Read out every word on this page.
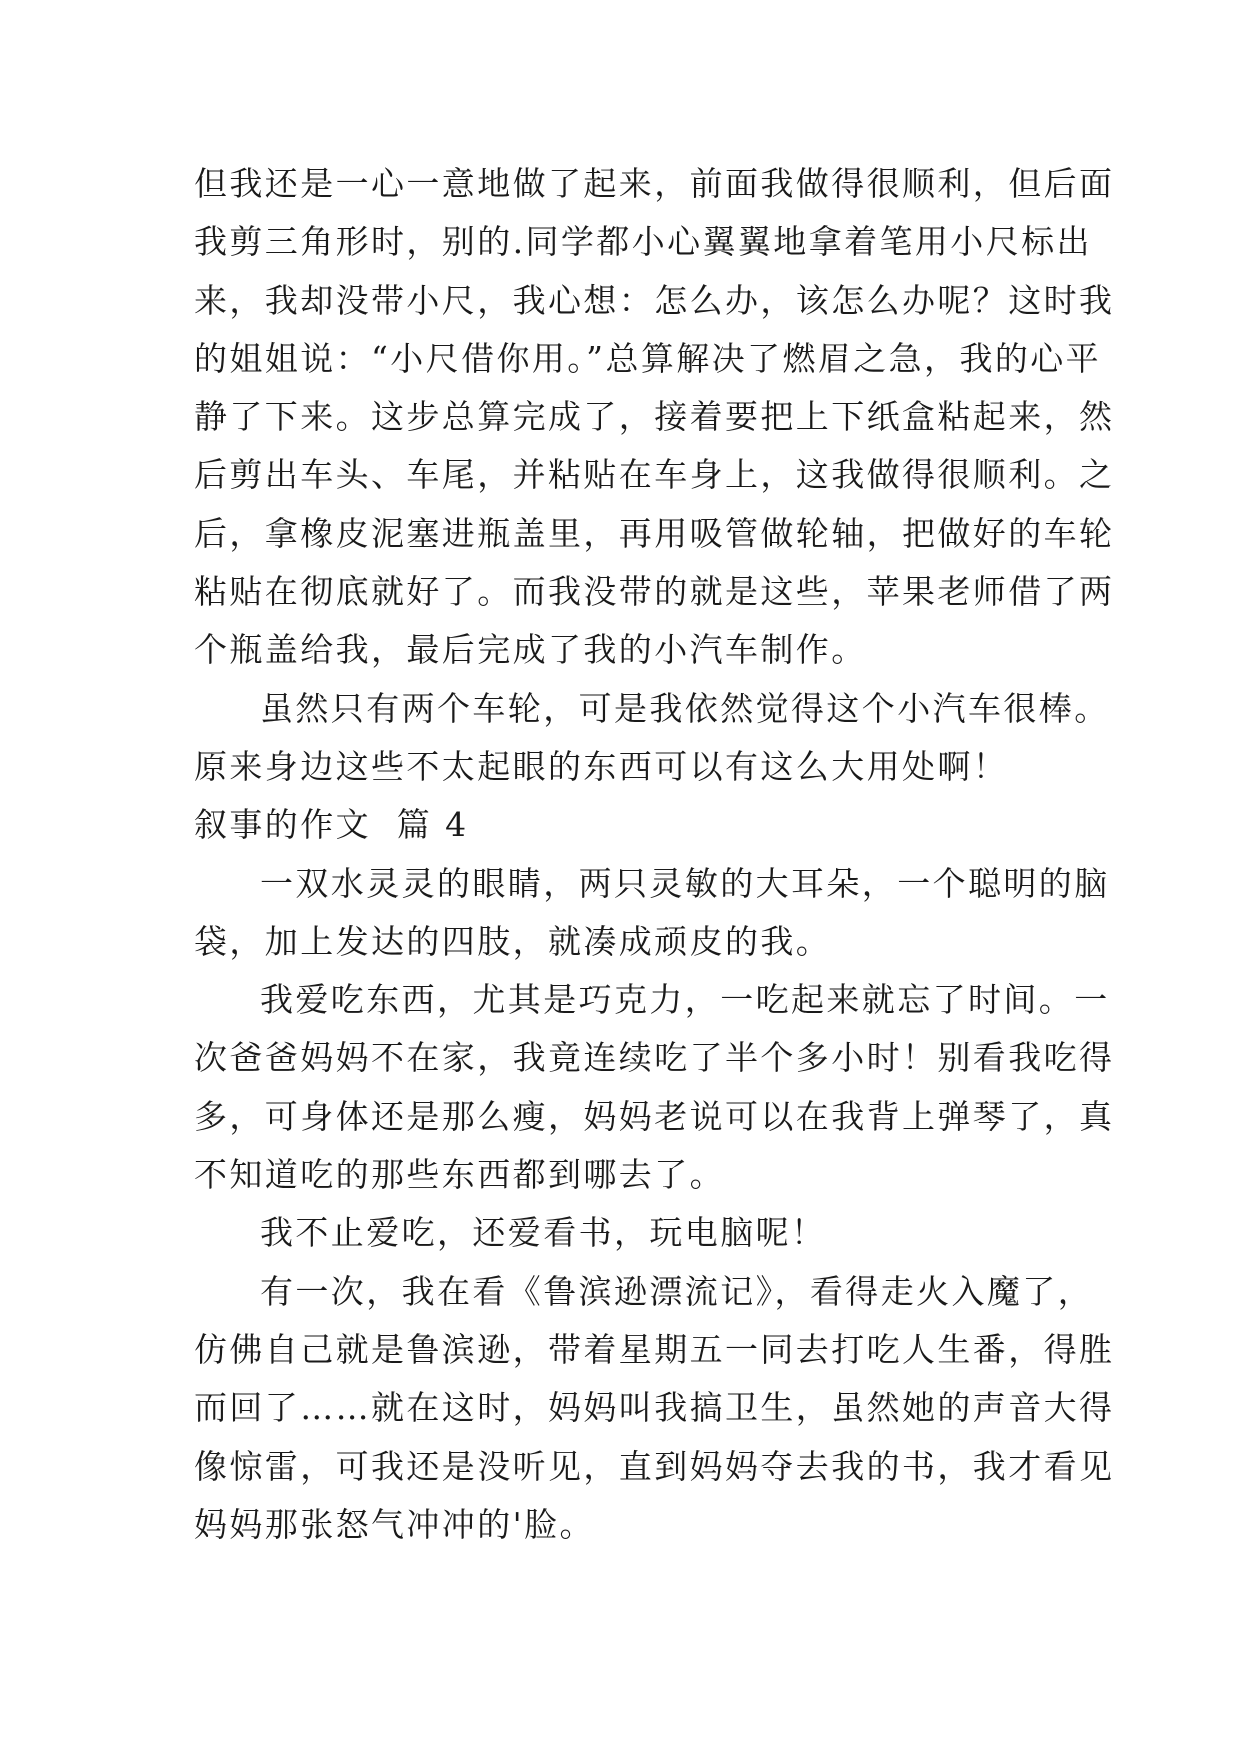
但我还是一心一意地做了起来，前面我做得很顺利，但后面
我剪三角形时，别的.同学都小心翼翼地拿着笔用小尺标出
来，我却没带小尺，我心想：怎么办，该怎么办呢？这时我
的姐姐说：“小尺借你用。”总算解决了燃眉之急，我的心平
静了下来。这步总算完成了，接着要把上下纸盒粘起来，然
后剪出车头、车尾，并粘贴在车身上，这我做得很顺利。之
后，拿橡皮泥塞进瓶盖里，再用吸管做轮轴，把做好的车轮
粘贴在彻底就好了。而我没带的就是这些，苹果老师借了两
个瓶盖给我，最后完成了我的小汽车制作。
虽然只有两个车轮，可是我依然觉得这个小汽车很棒。
原来身边这些不太起眼的东西可以有这么大用处啊！
叙事的作文  篇 4
一双水灵灵的眼睛，两只灵敏的大耳朵，一个聪明的脑
袋，加上发达的四肢，就凑成顽皮的我。
我爱吃东西，尤其是巧克力，一吃起来就忘了时间。一
次爸爸妈妈不在家，我竟连续吃了半个多小时！别看我吃得
多，可身体还是那么瘦，妈妈老说可以在我背上弹琴了，真
不知道吃的那些东西都到哪去了。
我不止爱吃，还爱看书，玩电脑呢！
有一次，我在看《鲁滨逊漂流记》，看得走火入魔了，
仿佛自己就是鲁滨逊，带着星期五一同去打吃人生番，得胜
而回了……就在这时，妈妈叫我搞卫生，虽然她的声音大得
像惊雷，可我还是没听见，直到妈妈夺去我的书，我才看见
妈妈那张怒气冲冲的'脸。
